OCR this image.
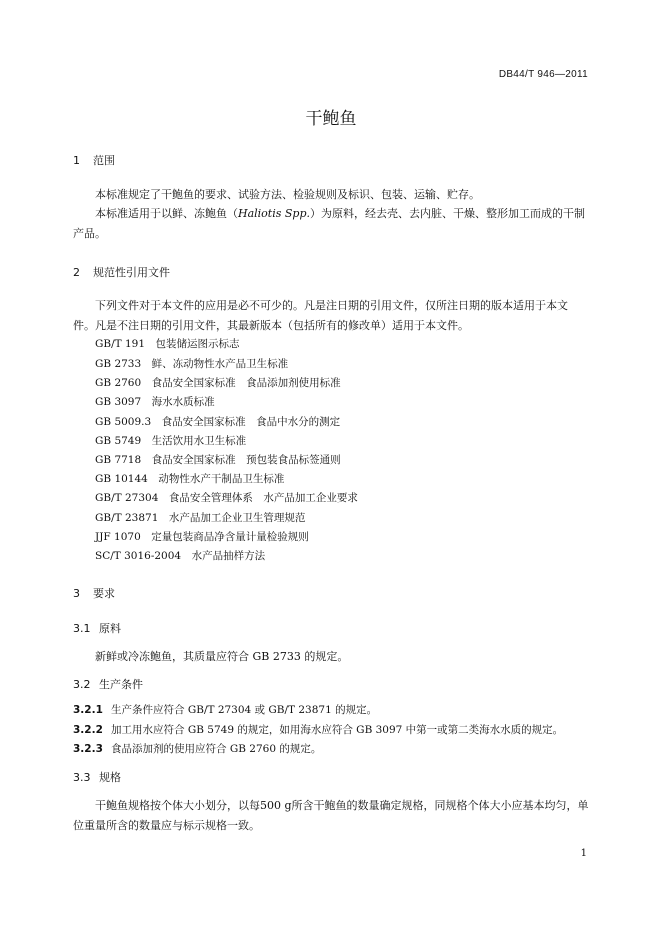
DB44/T 946—2011
干鲍鱼
1 范围
本标准规定了干鲍鱼的要求、试验方法、检验规则及标识、包装、运输、贮存。
本标准适用于以鲜、冻鲍鱼（Haliotis Spp.）为原料，经去壳、去内脏、干燥、整形加工而成的干制产品。
2 规范性引用文件
下列文件对于本文件的应用是必不可少的。凡是注日期的引用文件，仅所注日期的版本适用于本文件。凡是不注日期的引用文件，其最新版本（包括所有的修改单）适用于本文件。
GB/T 191　包装储运图示标志
GB 2733　鲜、冻动物性水产品卫生标准
GB 2760　食品安全国家标准　食品添加剂使用标准
GB 3097　海水水质标准
GB 5009.3　食品安全国家标准　食品中水分的测定
GB 5749　生活饮用水卫生标准
GB 7718　食品安全国家标准　预包装食品标签通则
GB 10144　动物性水产干制品卫生标准
GB/T 27304　食品安全管理体系　水产品加工企业要求
GB/T 23871　水产品加工企业卫生管理规范
JJF 1070　定量包装商品净含量计量检验规则
SC/T 3016-2004　水产品抽样方法
3 要求
3.1 原料
新鲜或冷冻鲍鱼，其质量应符合 GB 2733 的规定。
3.2 生产条件
3.2.1 生产条件应符合 GB/T 27304 或 GB/T 23871 的规定。
3.2.2 加工用水应符合 GB 5749 的规定，如用海水应符合 GB 3097 中第一或第二类海水水质的规定。
3.2.3 食品添加剂的使用应符合 GB 2760 的规定。
3.3 规格
干鲍鱼规格按个体大小划分，以每500 g所含干鲍鱼的数量确定规格，同规格个体大小应基本均匀，单位重量所含的数量应与标示规格一致。
1
